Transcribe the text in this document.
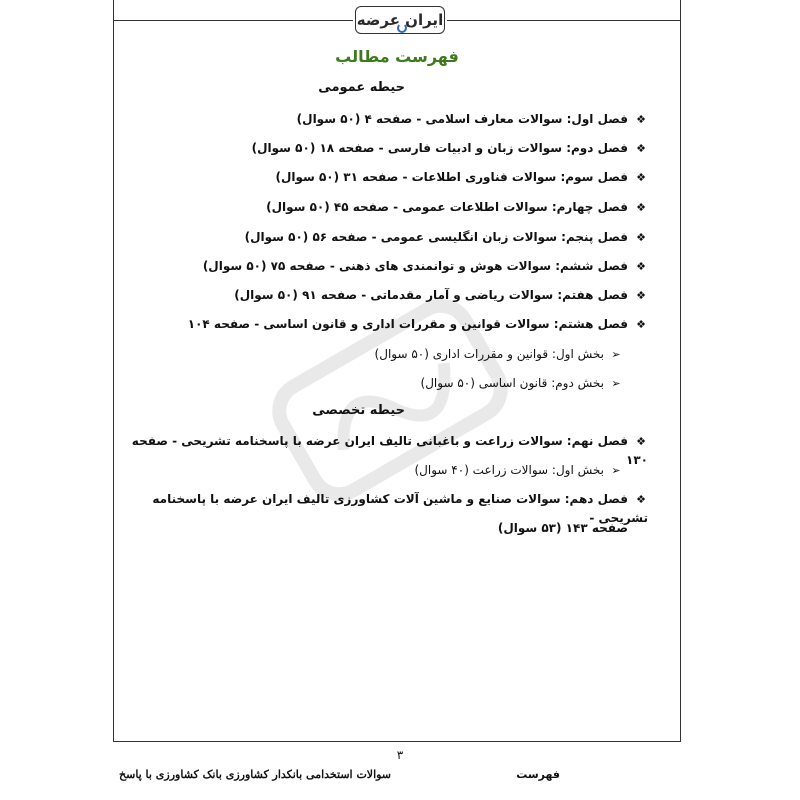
ایران عرضه
فهرست مطالب
حیطه عمومی
❖فصل اول: سوالات معارف اسلامی - صفحه ۴ (۵۰ سوال)
❖فصل دوم: سوالات زبان و ادبیات فارسی - صفحه ۱۸ (۵۰ سوال)
❖فصل سوم: سوالات فناوری اطلاعات - صفحه ۳۱ (۵۰ سوال)
❖فصل چهارم: سوالات اطلاعات عمومی - صفحه ۴۵ (۵۰ سوال)
❖فصل پنجم: سوالات زبان انگلیسی عمومی - صفحه ۵۶ (۵۰ سوال)
❖فصل ششم: سوالات هوش و توانمندی های ذهنی - صفحه ۷۵ (۵۰ سوال)
❖فصل هفتم: سوالات ریاضی و آمار مقدماتی - صفحه ۹۱ (۵۰ سوال)
❖فصل هشتم: سوالات قوانین و مقررات اداری و قانون اساسی - صفحه ۱۰۴
➢بخش اول: قوانین و مقررات اداری (۵۰ سوال)
➢بخش دوم: قانون اساسی (۵۰ سوال)
حیطه تخصصی
❖فصل نهم: سوالات زراعت و باغبانی تالیف ایران عرضه با پاسخنامه تشریحی - صفحه ۱۳۰
➢بخش اول: سوالات زراعت (۴۰ سوال)
❖فصل دهم: سوالات صنایع و ماشین آلات کشاورزی تالیف ایران عرضه با پاسخنامه تشریحی -
صفحه ۱۴۳ (۵۳ سوال)
۳
فهرست
سوالات استخدامی بانکدار کشاورزی بانک کشاورزی با پاسخ
